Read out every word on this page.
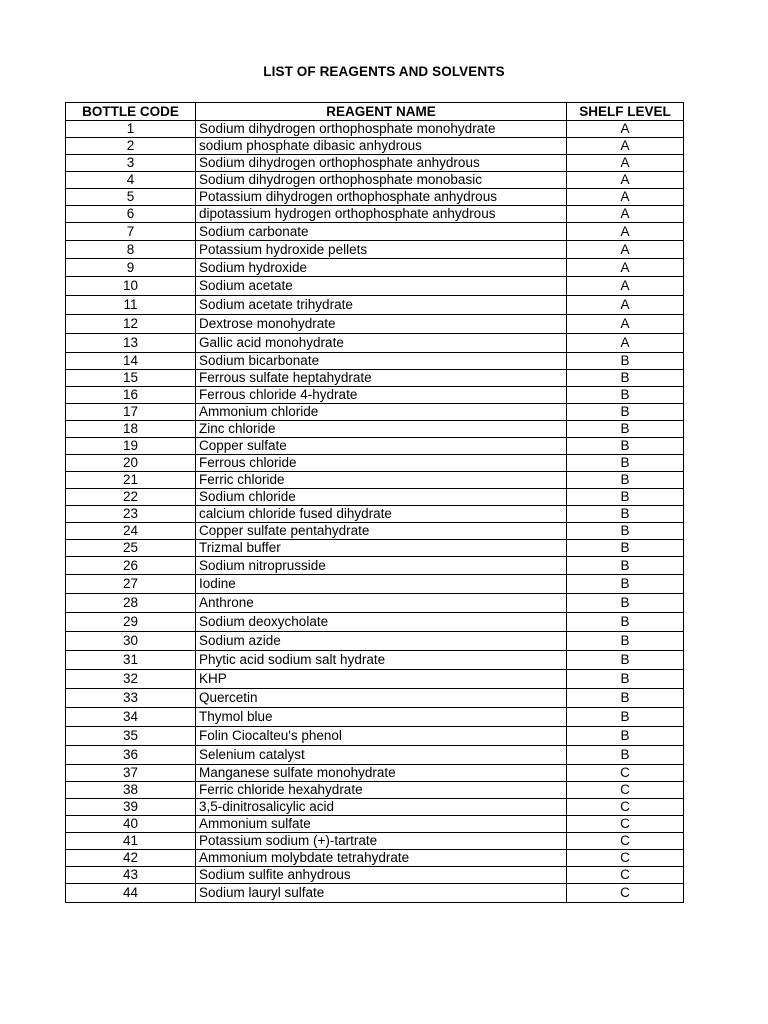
LIST OF REAGENTS AND SOLVENTS
BOTTLE CODE	REAGENT NAME	SHELF LEVEL
1	Sodium dihydrogen orthophosphate monohydrate	A
2	sodium phosphate dibasic anhydrous	A
3	Sodium dihydrogen orthophosphate anhydrous	A
4	Sodium dihydrogen orthophosphate monobasic	A
5	Potassium dihydrogen orthophosphate anhydrous	A
6	dipotassium hydrogen orthophosphate anhydrous	A
7	Sodium carbonate	A
8	Potassium hydroxide pellets	A
9	Sodium hydroxide	A
10	Sodium acetate	A
11	Sodium acetate trihydrate	A
12	Dextrose monohydrate	A
13	Gallic acid monohydrate	A
14	Sodium bicarbonate	B
15	Ferrous sulfate heptahydrate	B
16	Ferrous chloride 4-hydrate	B
17	Ammonium chloride	B
18	Zinc chloride	B
19	Copper sulfate	B
20	Ferrous chloride	B
21	Ferric chloride	B
22	Sodium chloride	B
23	calcium chloride fused dihydrate	B
24	Copper sulfate pentahydrate	B
25	Trizmal buffer	B
26	Sodium nitroprusside	B
27	Iodine	B
28	Anthrone	B
29	Sodium deoxycholate	B
30	Sodium azide	B
31	Phytic acid sodium salt hydrate	B
32	KHP	B
33	Quercetin	B
34	Thymol blue	B
35	Folin Ciocalteu's phenol	B
36	Selenium catalyst	B
37	Manganese sulfate monohydrate	C
38	Ferric chloride hexahydrate	C
39	3,5-dinitrosalicylic acid	C
40	Ammonium sulfate	C
41	Potassium sodium (+)-tartrate	C
42	Ammonium molybdate tetrahydrate	C
43	Sodium sulfite anhydrous	C
44	Sodium lauryl sulfate	C
